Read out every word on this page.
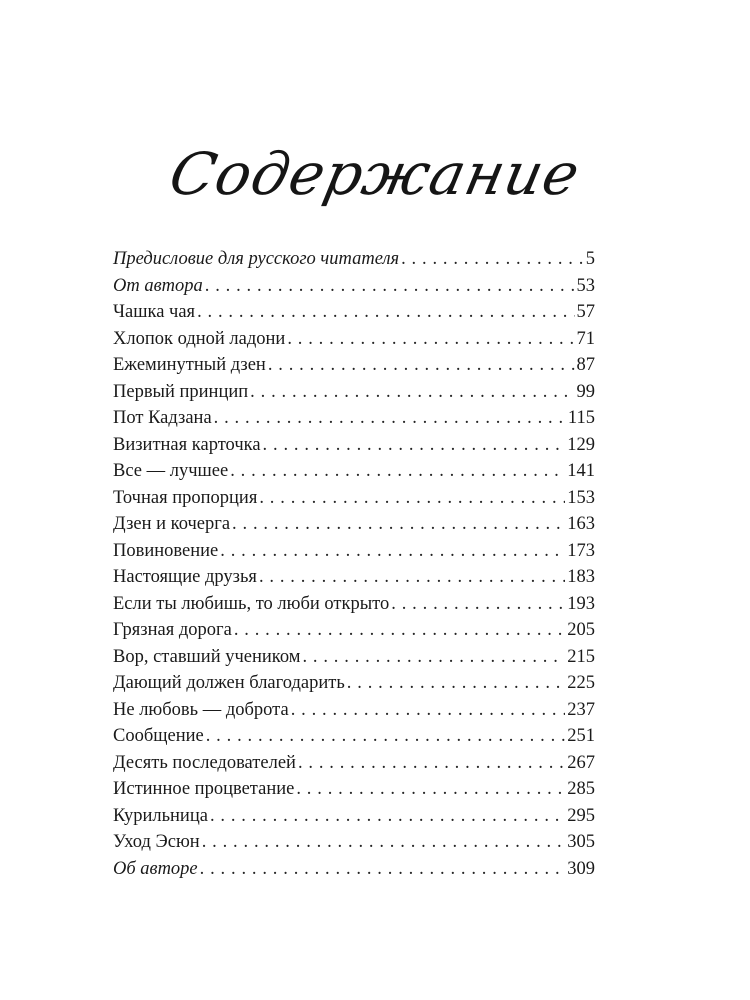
Содержание
Предисловие для русского читателя . . .	5
От автора . . .	53
Чашка чая . . .	57
Хлопок одной ладони . . .	71
Ежеминутный дзен . . .	87
Первый принцип . . .	99
Пот Кадзана . . .	115
Визитная карточка . . .	129
Все — лучшее . . .	141
Точная пропорция . . .	153
Дзен и кочерга . . .	163
Повиновение . . .	173
Настоящие друзья . . .	183
Если ты любишь, то люби открыто . . .	193
Грязная дорога . . .	205
Вор, ставший учеником . . .	215
Дающий должен благодарить . . .	225
Не любовь — доброта . . .	237
Сообщение . . .	251
Десять последователей . . .	267
Истинное процветание . . .	285
Курильница . . .	295
Уход Эсюн . . .	305
Об авторе . . .	309
